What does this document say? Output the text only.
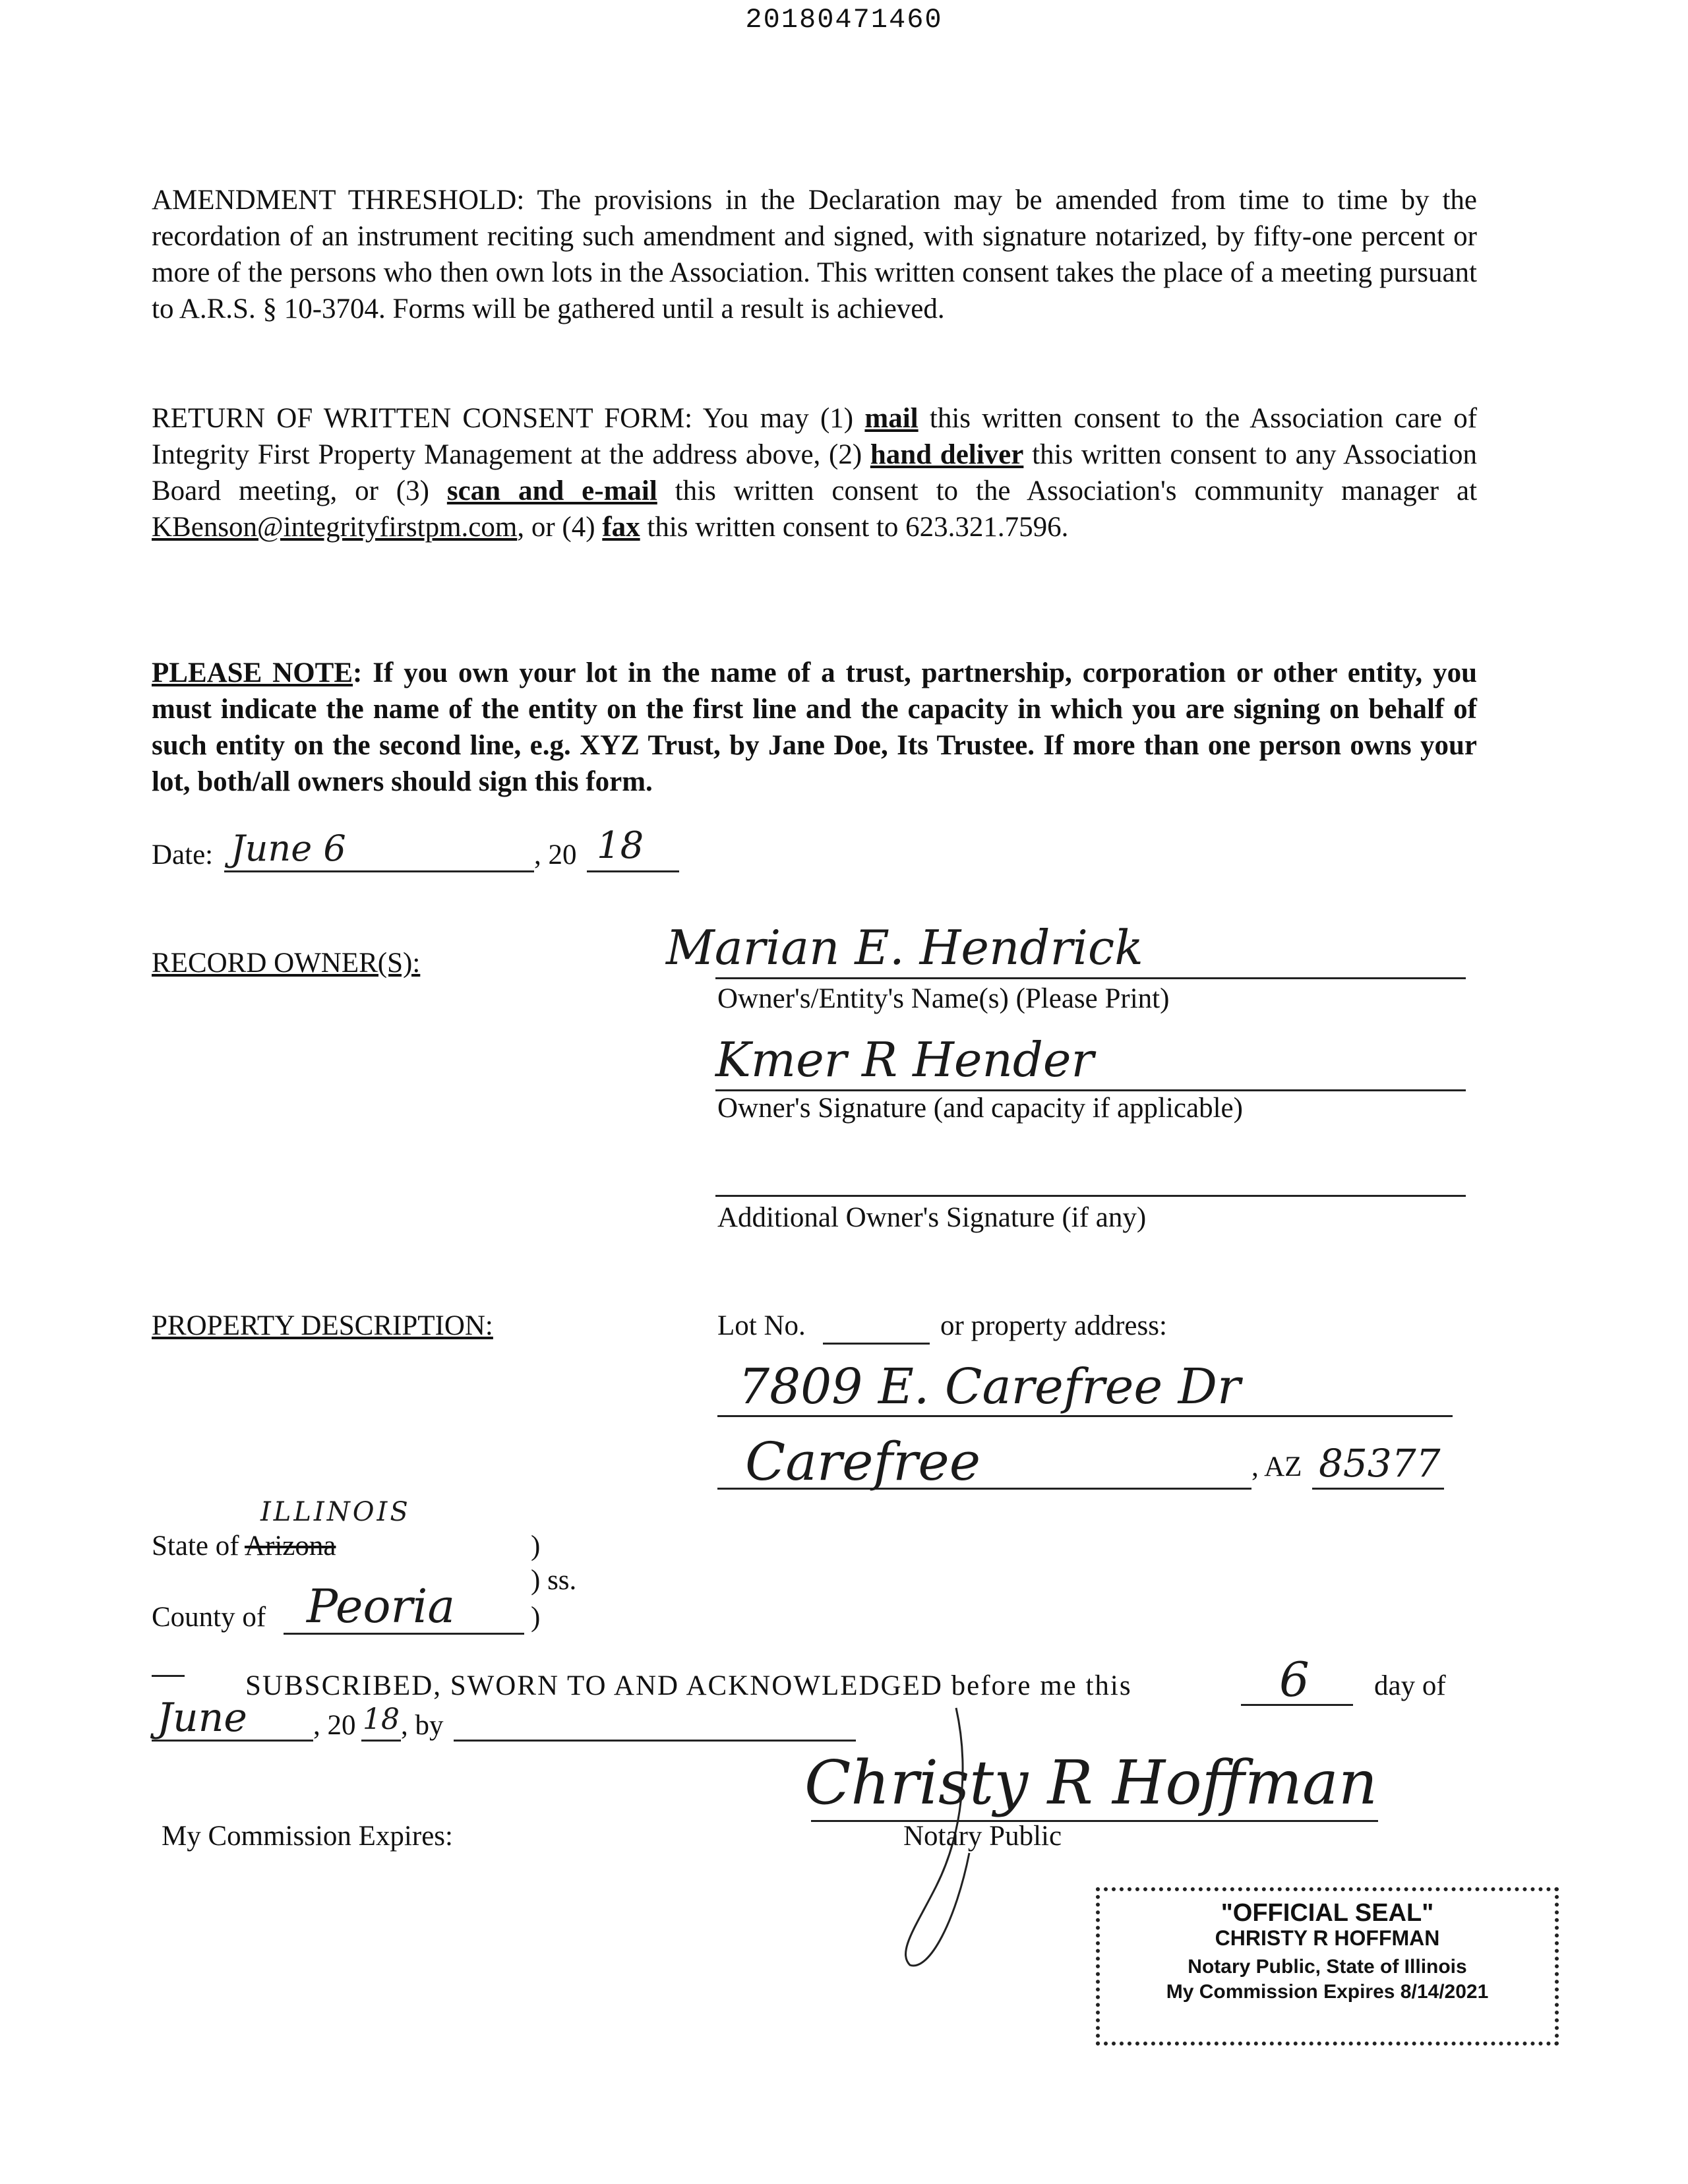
20180471460
AMENDMENT THRESHOLD: The provisions in the Declaration may be amended from time to time by the recordation of an instrument reciting such amendment and signed, with signature notarized, by fifty-one percent or more of the persons who then own lots in the Association. This written consent takes the place of a meeting pursuant to A.R.S. § 10-3704. Forms will be gathered until a result is achieved.
RETURN OF WRITTEN CONSENT FORM: You may (1) mail this written consent to the Association care of Integrity First Property Management at the address above, (2) hand deliver this written consent to any Association Board meeting, or (3) scan and e-mail this written consent to the Association's community manager at KBenson@integrityfirstpm.com, or (4) fax this written consent to 623.321.7596.
PLEASE NOTE: If you own your lot in the name of a trust, partnership, corporation or other entity, you must indicate the name of the entity on the first line and the capacity in which you are signing on behalf of such entity on the second line, e.g. XYZ Trust, by Jane Doe, Its Trustee. If more than one person owns your lot, both/all owners should sign this form.
Date: June 6	, 20 18
RECORD OWNER(S):	Marian E. Hendrick
Owner's/Entity's Name(s) (Please Print)
Kmer R Hender
Owner's Signature (and capacity if applicable)
Additional Owner's Signature (if any)
PROPERTY DESCRIPTION:	Lot No.	or property address:
7809 E. Carefree Dr
Carefree	, AZ 85377
ILLINOIS
State of Arizona	)
) ss.
County of Peoria	)
SUBSCRIBED, SWORN TO AND ACKNOWLEDGED before me this	6 day of
June , 20 18 , by
Christy R Hoffman
My Commission Expires:	Notary Public
"OFFICIAL SEAL"
CHRISTY R HOFFMAN
Notary Public, State of Illinois
My Commission Expires 8/14/2021
